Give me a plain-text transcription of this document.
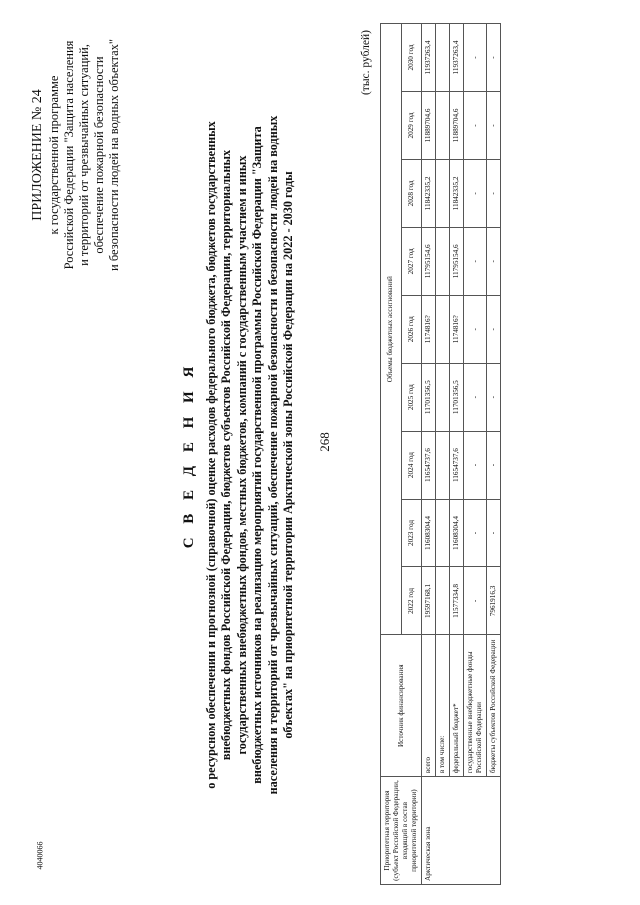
268
4040066
ПРИЛОЖЕНИЕ № 24 к государственной программе Российской Федерации "Защита населения и территорий от чрезвычайных ситуаций, обеспечение пожарной безопасности и безопасности людей на водных объектах"
С В Е Д Е Н И Я о ресурсном обеспечении и прогнозной (справочной) оценке расходов федерального бюджета, бюджетов государственных внебюджетных фондов Российской Федерации, бюджетов субъектов Российской Федерации, территориальных государственных внебюджетных фондов, местных бюджетов, компаний с государственным участием и иных внебюджетных источников на реализацию мероприятий государственной программы Российской Федерации "Защита населения и территорий от чрезвычайных ситуаций, обеспечение пожарной безопасности и безопасности людей на водных объектах" на приоритетной территории Арктической зоны Российской Федерации на 2022 - 2030 годы
(тыс. рублей)
Приоритетная территория (субъект Российской Федерации, входящий в состав приоритетной территории)	Источник финансирования	Объемы бюджетных ассигнований								
		2022 год	2023 год	2024 год	2025 год	2026 год	2027 год	2028 год	2029 год	2030 год
Арктическая зона	всего	19597168,1	11608304,4	11654737,6	11701356,5	1174816?	11795154,6	11842335,2	11889704,6	11937263,4
	в том числе:									
	федеральный бюджет*	11577334,8	11608304,4	11654737,6	11701356,5	1174816?	11795154,6	11842335,2	11889704,6	11937263,4
	государственные внебюджетные фонды Российской Федерации	-	-	-	-	-	-	-	-	-
	бюджеты субъектов Российской Федерации	7961916,3	-	-	-	-	-	-	-	-
